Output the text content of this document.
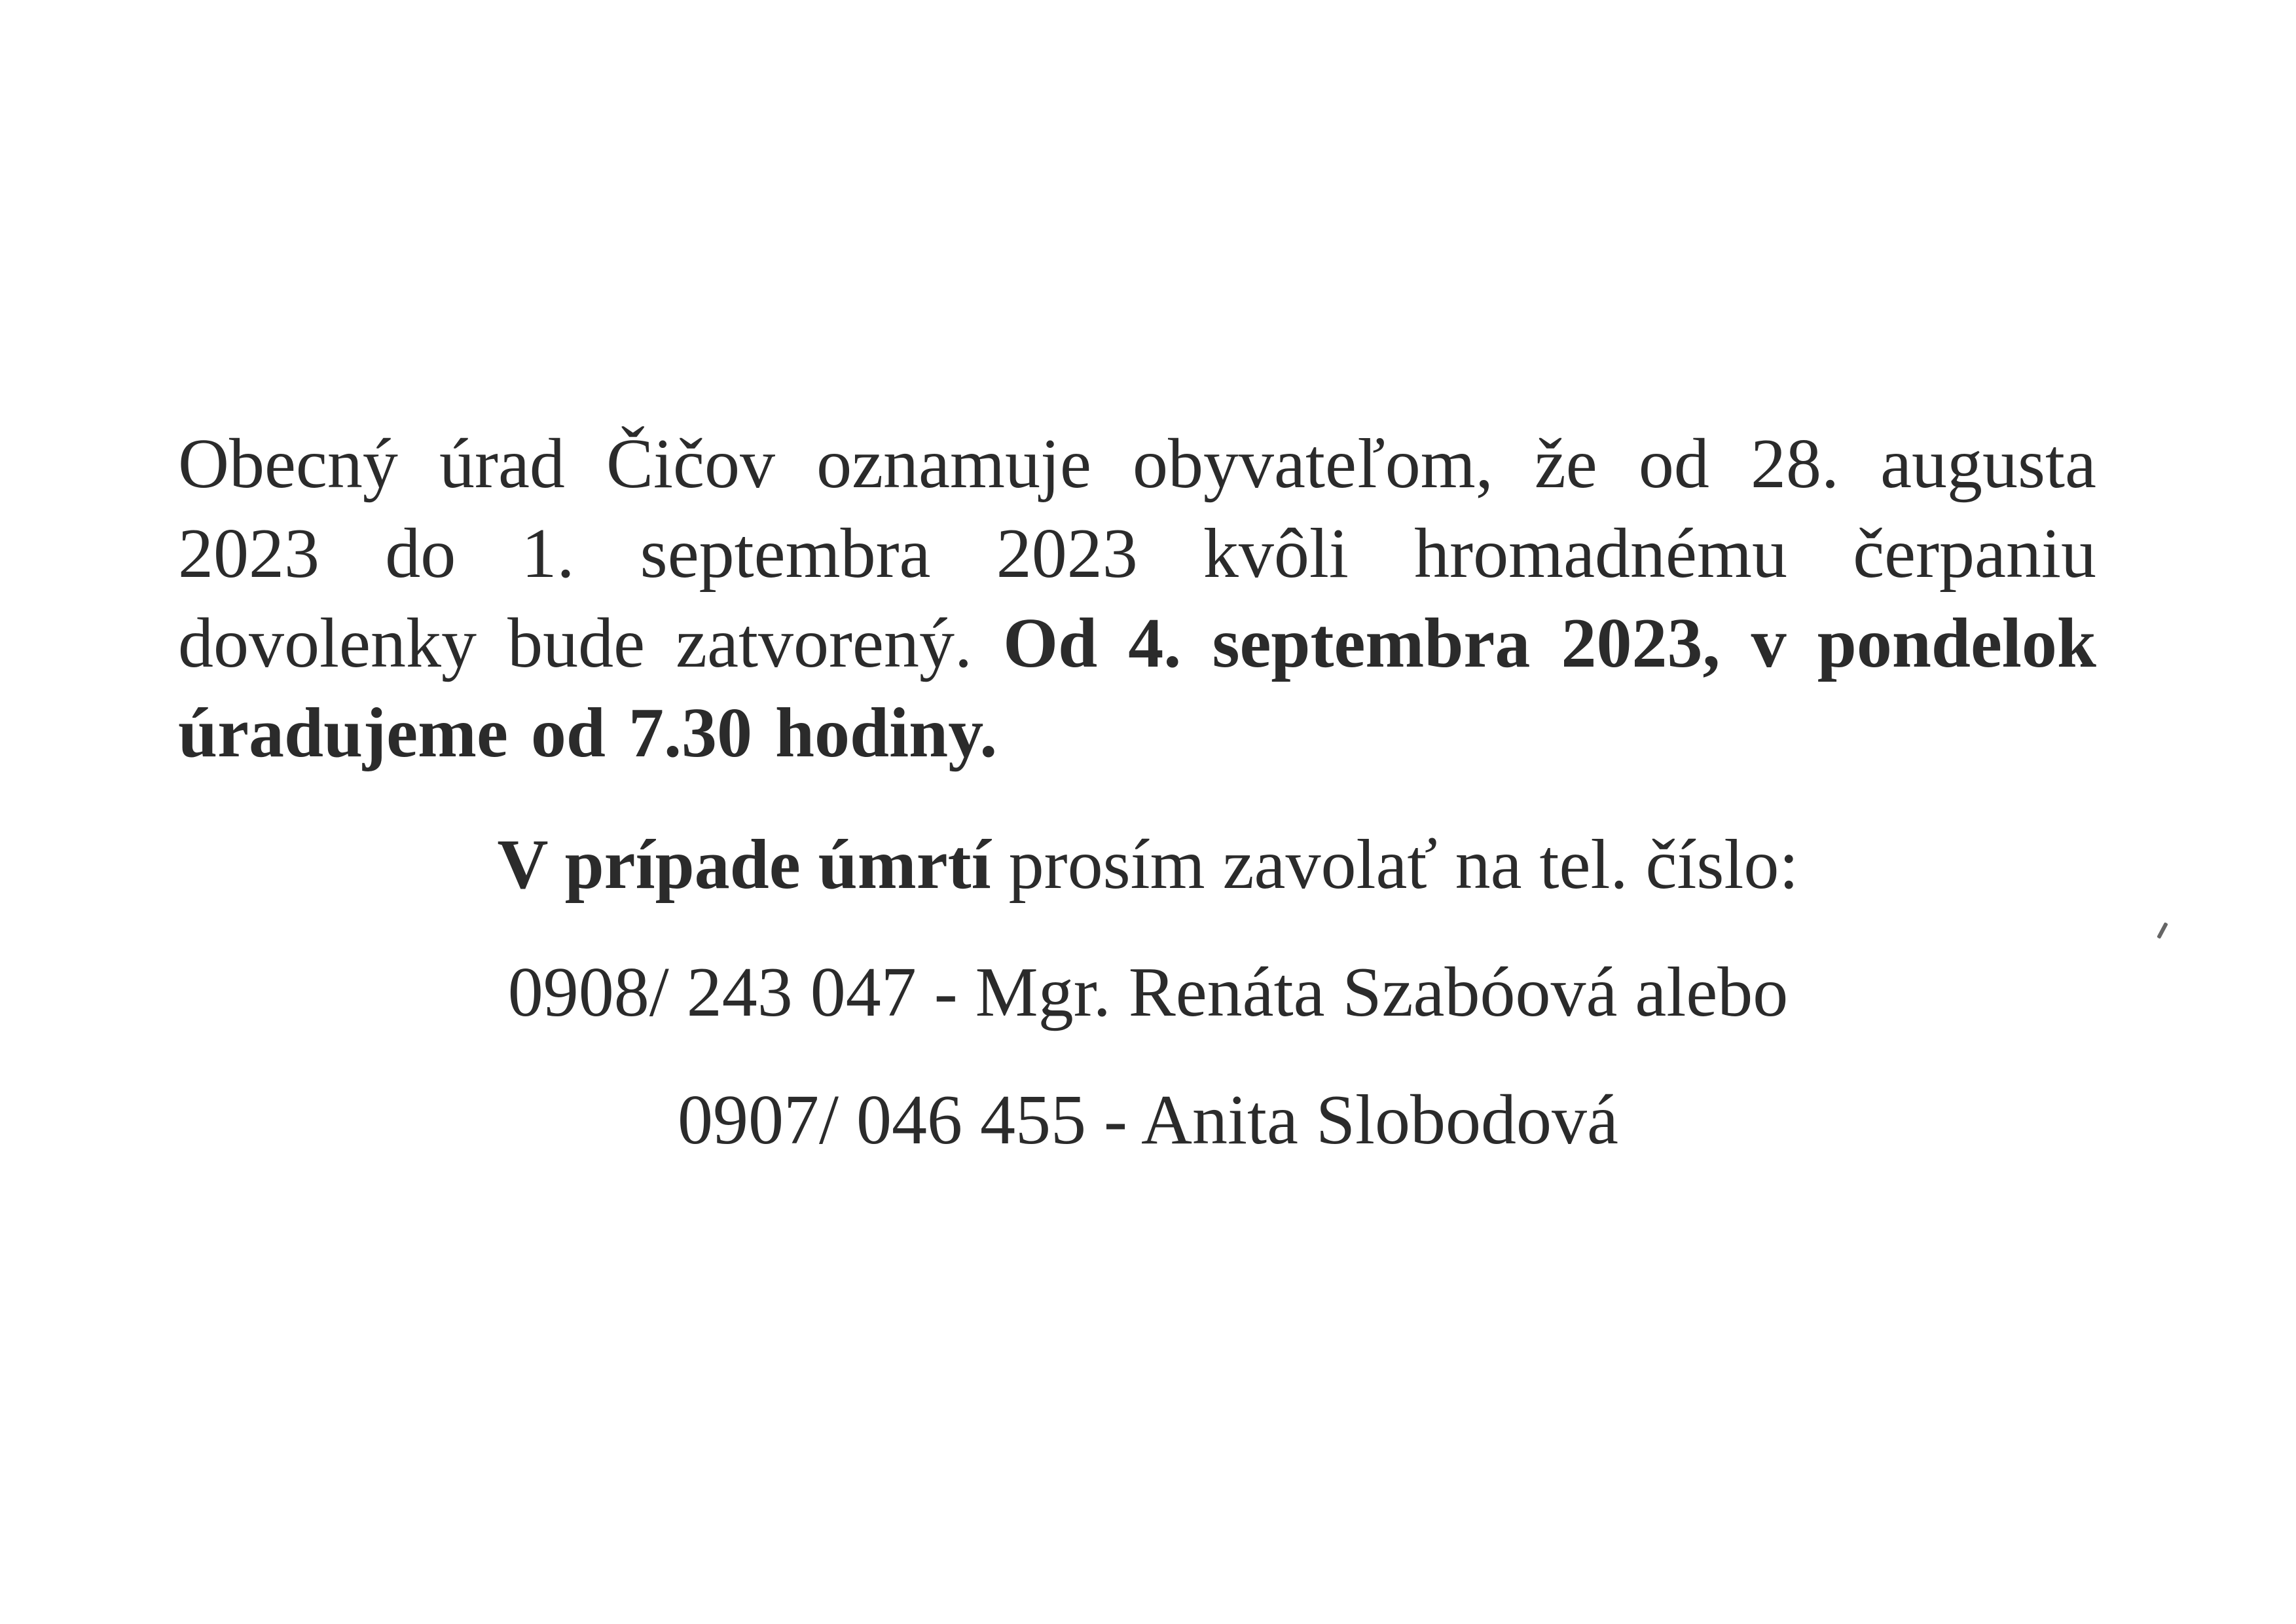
Obecný úrad Čičov oznamuje obyvateľom, že od 28. augusta 2023 do 1. septembra 2023 kvôli hromadnému čerpaniu dovolenky bude zatvorený. Od 4. septembra 2023, v pondelok úradujeme od 7.30 hodiny.
V prípade úmrtí prosím zavolať na tel. číslo:
0908/ 243 047 - Mgr. Renáta Szabóová alebo
0907/ 046 455 - Anita Slobodová
